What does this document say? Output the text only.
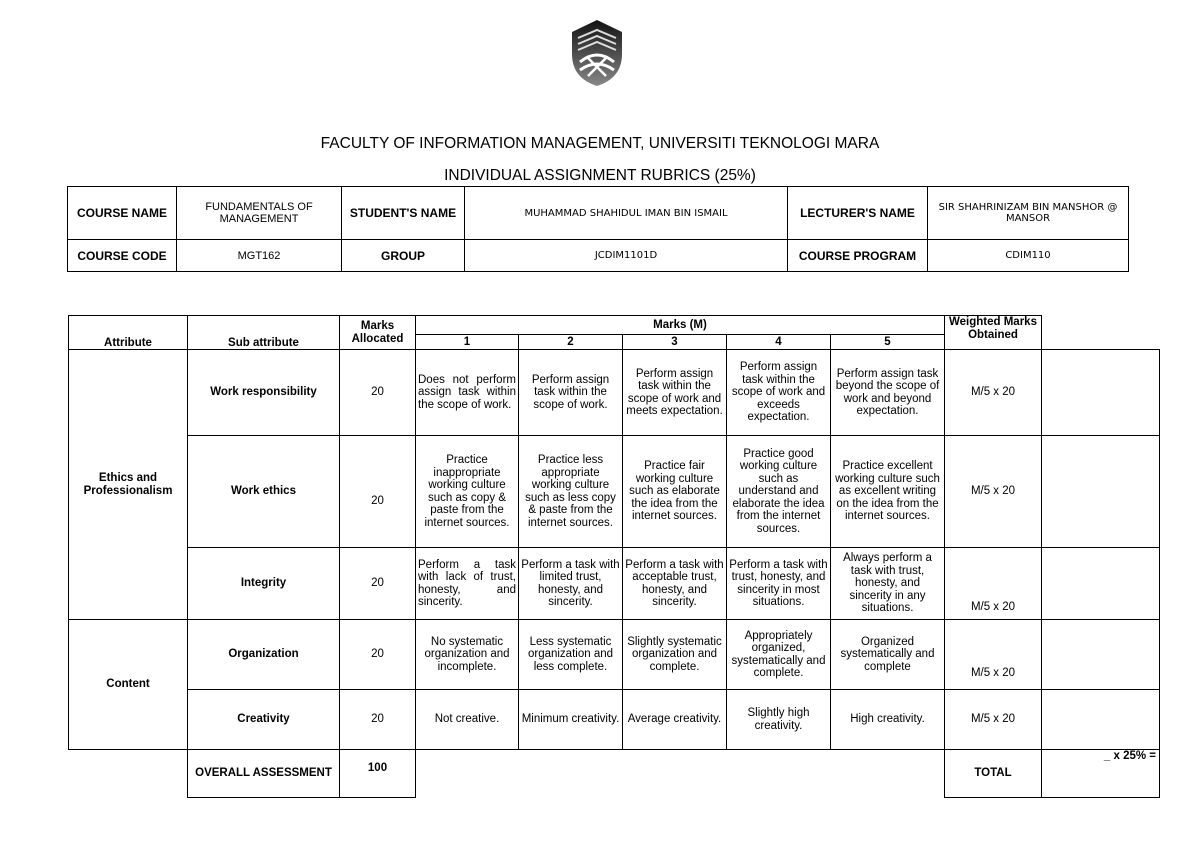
FACULTY OF INFORMATION MANAGEMENT, UNIVERSITI TEKNOLOGI MARA
INDIVIDUAL ASSIGNMENT RUBRICS (25%)
COURSE NAME	FUNDAMENTALS OF MANAGEMENT	STUDENT'S NAME	MUHAMMAD SHAHIDUL IMAN BIN ISMAIL	LECTURER'S NAME	SIR SHAHRINIZAM BIN MANSHOR @ MANSOR
COURSE CODE	MGT162	GROUP	JCDIM1101D	COURSE PROGRAM	CDIM110
Attribute	Sub attribute	Marks Allocated	Marks (M)					Weighted Marks Obtained	
			1	2	3	4	5		
Ethics and Professionalism	Work responsibility	20	Does not perform assign task within the scope of work.	Perform assign task within the scope of work.	Perform assign task within the scope of work and meets expectation.	Perform assign task within the scope of work and exceeds expectation.	Perform assign task beyond the scope of work and beyond expectation.	M/5 x 20	
	Work ethics	20	Practice inappropriate working culture such as copy & paste from the internet sources.	Practice less appropriate working culture such as less copy & paste from the internet sources.	Practice fair working culture such as elaborate the idea from the internet sources.	Practice good working culture such as understand and elaborate the idea from the internet sources.	Practice excellent working culture such as excellent writing on the idea from the internet sources.	M/5 x 20	
	Integrity	20	Perform a task with lack of trust, honesty, and sincerity.	Perform a task with limited trust, honesty, and sincerity.	Perform a task with acceptable trust, honesty, and sincerity.	Perform a task with trust, honesty, and sincerity in most situations.	Always perform a task with trust, honesty, and sincerity in any situations.	M/5 x 20	
Content	Organization	20	No systematic organization and incomplete.	Less systematic organization and less complete.	Slightly systematic organization and complete.	Appropriately organized, systematically and complete.	Organized systematically and complete	M/5 x 20	
	Creativity	20	Not creative.	Minimum creativity.	Average creativity.	Slightly high creativity.	High creativity.	M/5 x 20	
	OVERALL ASSESSMENT	100						TOTAL	_ x 25% =
